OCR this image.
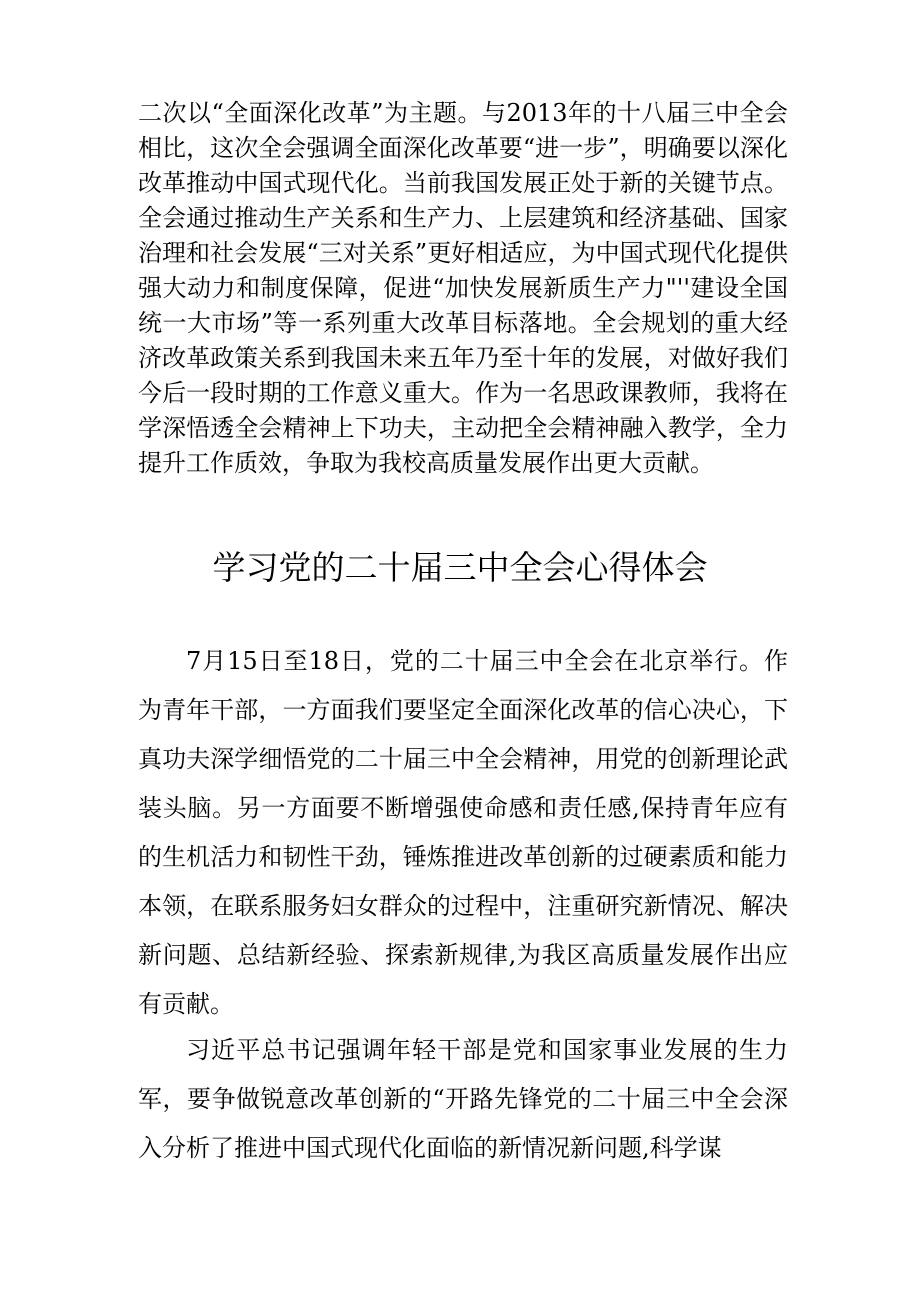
二次以“全面深化改革”为主题。与2013年的十八届三中全会相比，这次全会强调全面深化改革要“进一步”，明确要以深化改革推动中国式现代化。当前我国发展正处于新的关键节点。全会通过推动生产关系和生产力、上层建筑和经济基础、国家治理和社会发展“三对关系”更好相适应，为中国式现代化提供强大动力和制度保障，促进“加快发展新质生产力"''建设全国统一大市场”等一系列重大改革目标落地。全会规划的重大经济改革政策关系到我国未来五年乃至十年的发展，对做好我们今后一段时期的工作意义重大。作为一名思政课教师，我将在学深悟透全会精神上下功夫，主动把全会精神融入教学，全力提升工作质效，争取为我校高质量发展作出更大贡献。

学习党的二十届三中全会心得体会

7月15日至18日，党的二十届三中全会在北京举行。作为青年干部，一方面我们要坚定全面深化改革的信心决心，下真功夫深学细悟党的二十届三中全会精神，用党的创新理论武装头脑。另一方面要不断增强使命感和责任感,保持青年应有的生机活力和韧性干劲，锤炼推进改革创新的过硬素质和能力本领，在联系服务妇女群众的过程中，注重研究新情况、解决新问题、总结新经验、探索新规律,为我区高质量发展作出应有贡献。

习近平总书记强调年轻干部是党和国家事业发展的生力军，要争做锐意改革创新的“开路先锋党的二十届三中全会深入分析了推进中国式现代化面临的新情况新问题,科学谋
